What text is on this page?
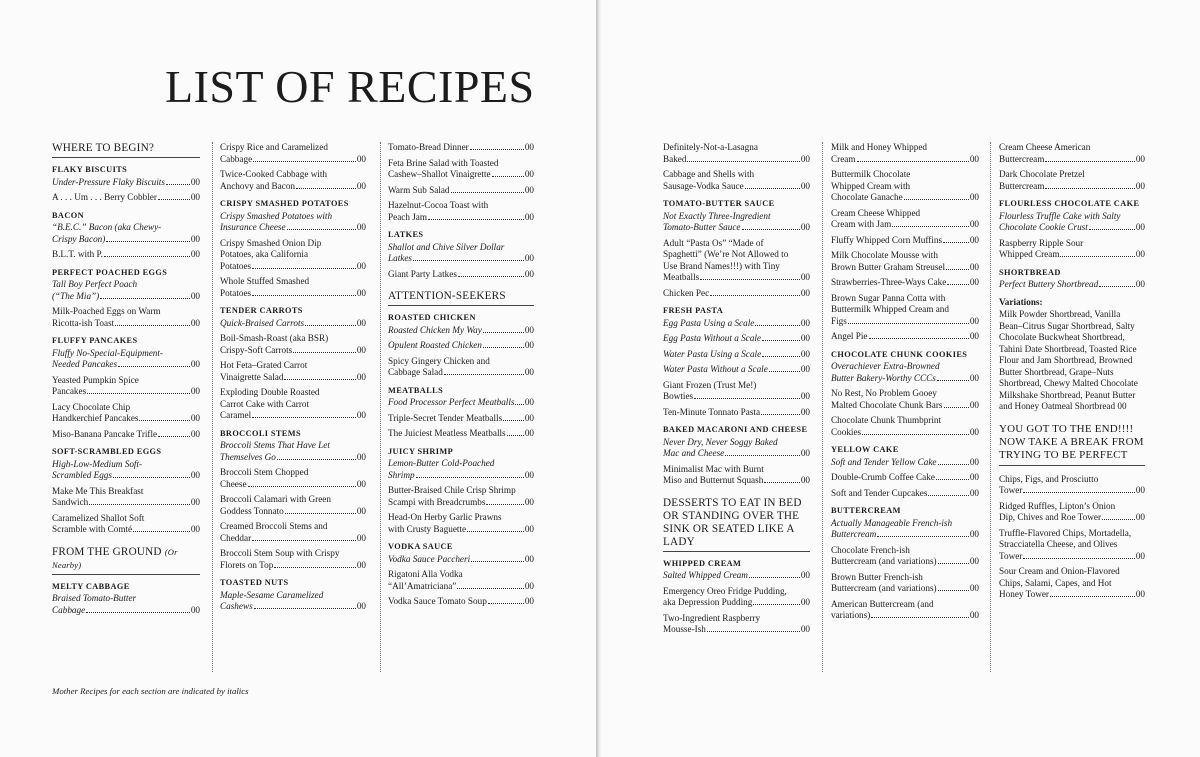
LIST OF RECIPES
Mother Recipes for each section are indicated by italics
WHERE TO BEGIN?
FLAKY BISCUITS
Under-Pressure Flaky Biscuits	00
A . . . Um . . . Berry Cobbler	00
BACON
“B.E.C.” Bacon (aka Chewy-
Crispy Bacon)	00
B.L.T. with P.	00
PERFECT POACHED EGGS
Tall Boy Perfect Poach
(“The Mia”)	00
Milk-Poached Eggs on Warm
Ricotta-ish Toast	00
FLUFFY PANCAKES
Fluffy No-Special-Equipment-
Needed Pancakes	00
Yeasted Pumpkin Spice
Pancakes	00
Lacy Chocolate Chip
Handkerchief Pancakes	00
Miso-Banana Pancake Trifle	00
SOFT-SCRAMBLED EGGS
High-Low-Medium Soft-
Scrambled Eggs	00
Make Me This Breakfast
Sandwich	00
Caramelized Shallot Soft
Scramble with Comté	00
FROM THE GROUND (Or Nearby)
MELTY CABBAGE
Braised Tomato-Butter
Cabbage	00
Crispy Rice and Caramelized
Cabbage	00
Twice-Cooked Cabbage with
Anchovy and Bacon	00
CRISPY SMASHED POTATOES
Crispy Smashed Potatoes with
Insurance Cheese	00
Crispy Smashed Onion Dip
Potatoes, aka California
Potatoes	00
Whole Stuffed Smashed
Potatoes	00
TENDER CARROTS
Quick-Braised Carrots	00
Boil-Smash-Roast (aka BSR)
Crispy-Soft Carrots	00
Hot Feta–Grated Carrot
Vinaigrette Salad	00
Exploding Double Roasted
Carrot Cake with Carrot
Caramel	00
BROCCOLI STEMS
Broccoli Stems That Have Let
Themselves Go	00
Broccoli Stem Chopped
Cheese	00
Broccoli Calamari with Green
Goddess Tonnato	00
Creamed Broccoli Stems and
Cheddar	00
Broccoli Stem Soup with Crispy
Florets on Top	00
TOASTED NUTS
Maple-Sesame Caramelized
Cashews	00
Tomato-Bread Dinner	00
Feta Brine Salad with Toasted
Cashew–Shallot Vinaigrette	00
Warm Sub Salad	00
Hazelnut-Cocoa Toast with
Peach Jam	00
LATKES
Shallot and Chive Silver Dollar
Latkes	00
Giant Party Latkes	00
ATTENTION-SEEKERS
ROASTED CHICKEN
Roasted Chicken My Way	00
Opulent Roasted Chicken	00
Spicy Gingery Chicken and
Cabbage Salad	00
MEATBALLS
Food Processor Perfect Meatballs 00
Triple-Secret Tender Meatballs 00
The Juiciest Meatless Meatballs 00
JUICY SHRIMP
Lemon-Butter Cold-Poached
Shrimp	00
Butter-Braised Chile Crisp Shrimp
Scampi with Breadcrumbs	00
Head-On Herby Garlic Prawns
with Crusty Baguette	00
VODKA SAUCE
Vodka Sauce Paccheri	00
Rigatoni Alla Vodka
“All’Amatriciana”	00
Vodka Sauce Tomato Soup	00
Definitely-Not-a-Lasagna
Baked	00
Cabbage and Shells with
Sausage-Vodka Sauce	00
TOMATO-BUTTER SAUCE
Not Exactly Three-Ingredient
Tomato-Butter Sauce	00
Adult “Pasta Os” “Made of
Spaghetti” (We’re Not Allowed to
Use Brand Names!!!) with Tiny
Meatballs	00
Chicken Pec	00
FRESH PASTA
Egg Pasta Using a Scale	00
Egg Pasta Without a Scale	00
Water Pasta Using a Scale	00
Water Pasta Without a Scale	00
Giant Frozen (Trust Me!)
Bowties	00
Ten-Minute Tonnato Pasta	00
BAKED MACARONI AND CHEESE
Never Dry, Never Soggy Baked
Mac and Cheese	00
Minimalist Mac with Burnt
Miso and Butternut Squash	00
DESSERTS TO EAT IN BED OR STANDING OVER THE SINK OR SEATED LIKE A LADY
WHIPPED CREAM
Salted Whipped Cream	00
Emergency Oreo Fridge Pudding,
aka Depression Pudding	00
Two-Ingredient Raspberry
Mousse-Ish	00
Milk and Honey Whipped
Cream	00
Buttermilk Chocolate
Whipped Cream with
Chocolate Ganache	00
Cream Cheese Whipped
Cream with Jam	00
Fluffy Whipped Corn Muffins	00
Milk Chocolate Mousse with
Brown Butter Graham Streusel	00
Strawberries-Three-Ways Cake	00
Brown Sugar Panna Cotta with
Buttermilk Whipped Cream and
Figs	00
Angel Pie	00
CHOCOLATE CHUNK COOKIES
Overachiever Extra-Browned
Butter Bakery-Worthy CCCs	00
No Rest, No Problem Gooey
Malted Chocolate Chunk Bars	00
Chocolate Chunk Thumbprint
Cookies	00
YELLOW CAKE
Soft and Tender Yellow Cake	00
Double-Crumb Coffee Cake	00
Soft and Tender Cupcakes	00
BUTTERCREAM
Actually Manageable French-ish
Buttercream	00
Chocolate French-ish
Buttercream (and variations)	00
Brown Butter French-ish
Buttercream (and variations)	00
American Buttercream (and
variations)	00
Cream Cheese American
Buttercream	00
Dark Chocolate Pretzel
Buttercream	00
FLOURLESS CHOCOLATE CAKE
Flourless Truffle Cake with Salty
Chocolate Cookie Crust	00
Raspberry Ripple Sour
Whipped Cream	00
SHORTBREAD
Perfect Buttery Shortbread	00
Variations:
Milk Powder Shortbread, Vanilla Bean–Citrus Sugar Shortbread, Salty Chocolate Buckwheat Shortbread, Tahini Date Shortbread, Toasted Rice Flour and Jam Shortbread, Browned Butter Shortbread, Grape–Nuts Shortbread, Chewy Malted Chocolate Milkshake Shortbread, Peanut Butter and Honey Oatmeal Shortbread 00
YOU GOT TO THE END!!!! NOW TAKE A BREAK FROM TRYING TO BE PERFECT
Chips, Figs, and Prosciutto
Tower	00
Ridged Ruffles, Lipton’s Onion
Dip, Chives and Roe Tower	00
Truffle-Flavored Chips, Mortadella,
Stracciatella Cheese, and Olives
Tower	00
Sour Cream and Onion-Flavored
Chips, Salami, Capes, and Hot
Honey Tower	00
